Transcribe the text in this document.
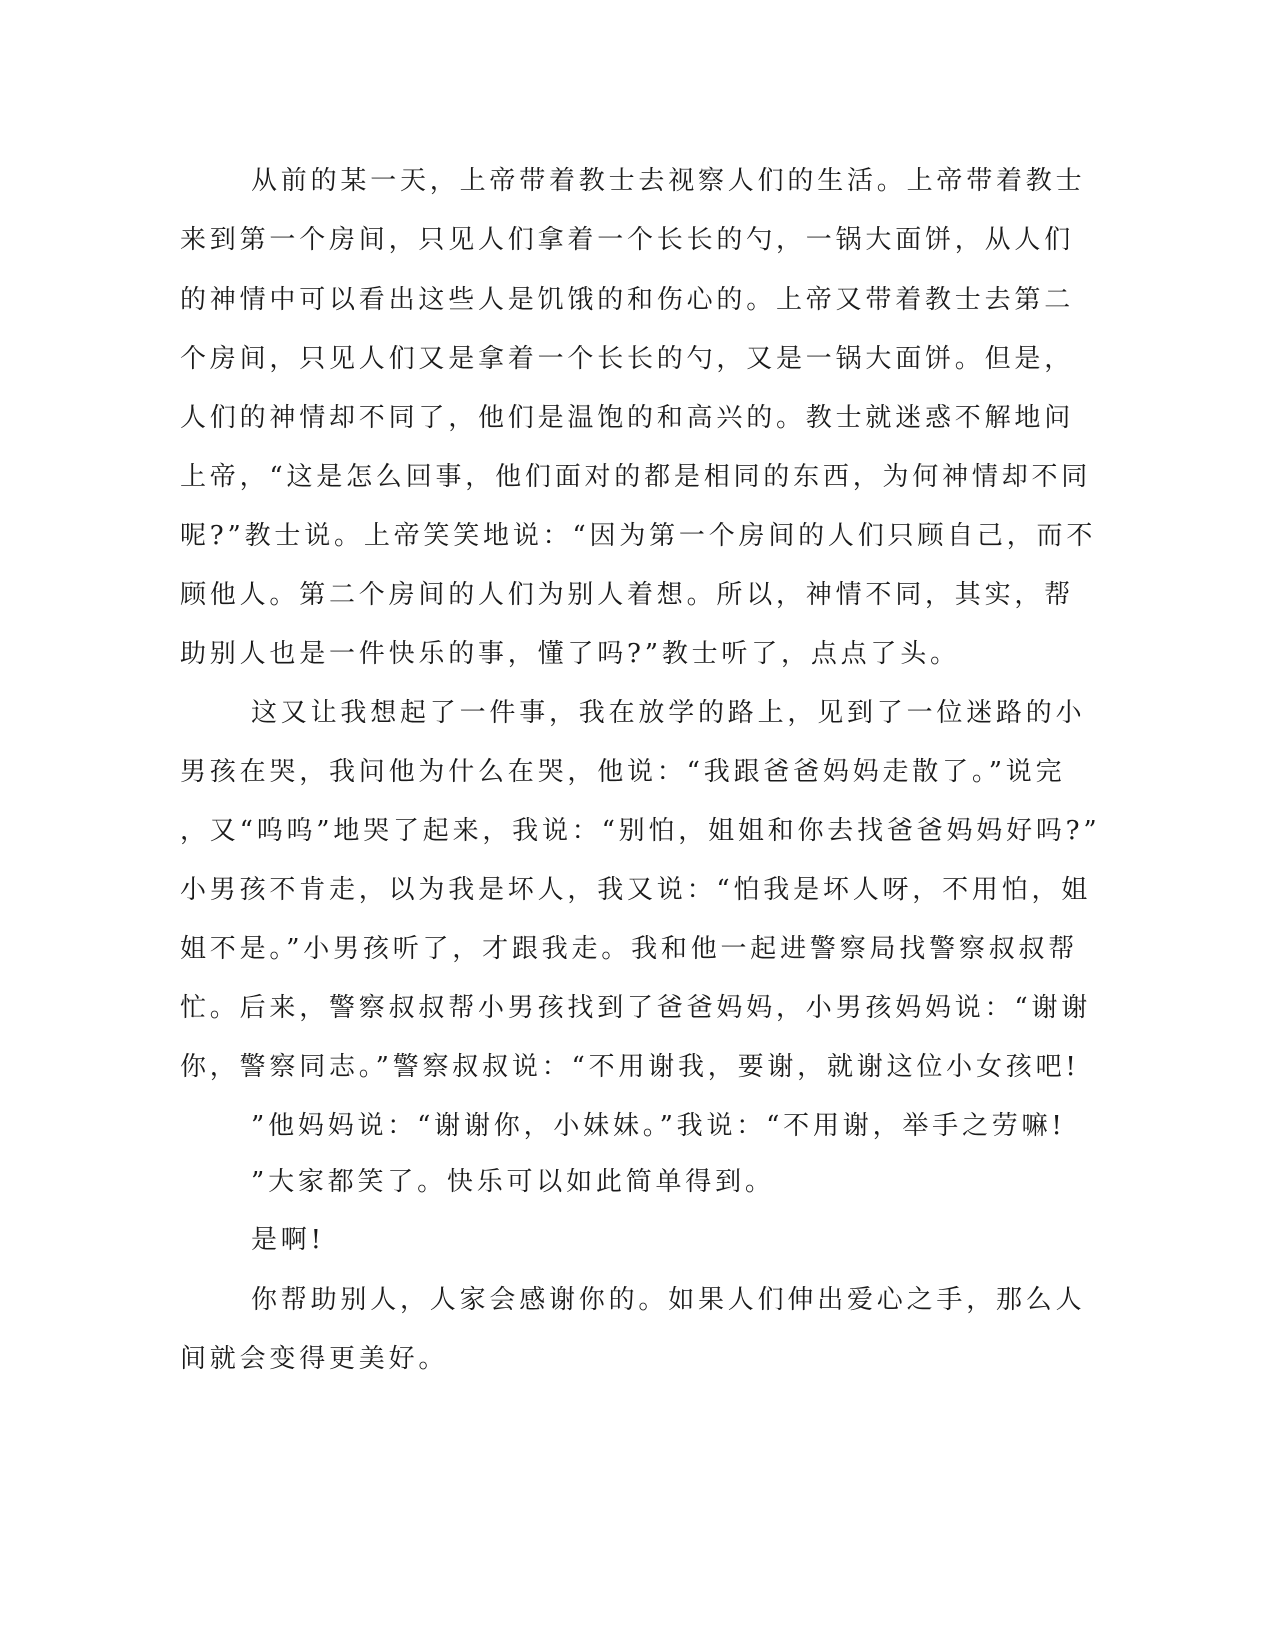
从前的某一天，上帝带着教士去视察人们的生活。上帝带着教士
来到第一个房间，只见人们拿着一个长长的勺，一锅大面饼，从人们
的神情中可以看出这些人是饥饿的和伤心的。上帝又带着教士去第二
个房间，只见人们又是拿着一个长长的勺，又是一锅大面饼。但是，
人们的神情却不同了，他们是温饱的和高兴的。教士就迷惑不解地问
上帝，“这是怎么回事，他们面对的都是相同的东西，为何神情却不同
呢?”教士说。上帝笑笑地说：“因为第一个房间的人们只顾自己，而不
顾他人。第二个房间的人们为别人着想。所以，神情不同，其实，帮
助别人也是一件快乐的事，懂了吗?”教士听了，点点了头。
这又让我想起了一件事，我在放学的路上，见到了一位迷路的小
男孩在哭，我问他为什么在哭，他说：“我跟爸爸妈妈走散了。”说完
，又“呜呜”地哭了起来，我说：“别怕，姐姐和你去找爸爸妈妈好吗?”
小男孩不肯走，以为我是坏人，我又说：“怕我是坏人呀，不用怕，姐
姐不是。”小男孩听了，才跟我走。我和他一起进警察局找警察叔叔帮
忙。后来，警察叔叔帮小男孩找到了爸爸妈妈，小男孩妈妈说：“谢谢
你，警察同志。”警察叔叔说：“不用谢我，要谢，就谢这位小女孩吧!
”他妈妈说：“谢谢你，小妹妹。”我说：“不用谢，举手之劳嘛!
”大家都笑了。快乐可以如此简单得到。
是啊!
你帮助别人，人家会感谢你的。如果人们伸出爱心之手，那么人
间就会变得更美好。
